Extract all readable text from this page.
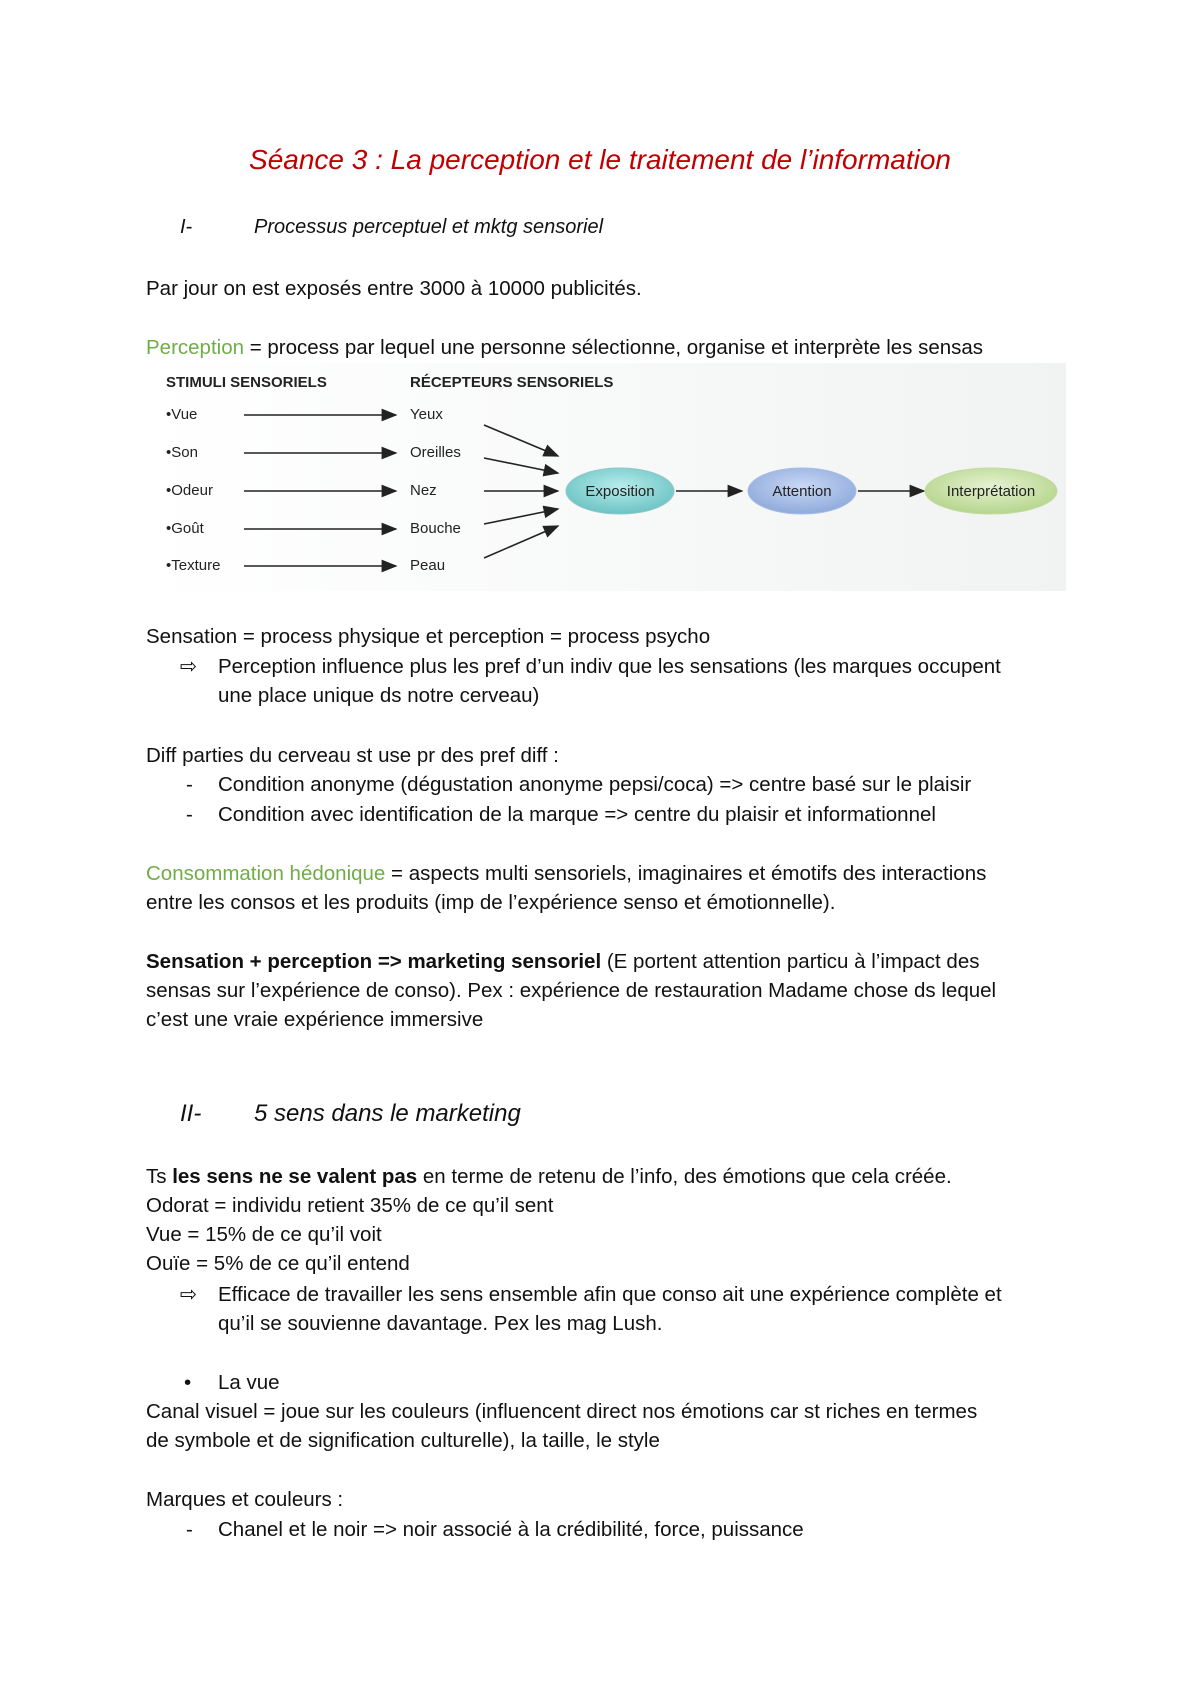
Séance 3 : La perception et le traitement de l’information
I-	Processus perceptuel et mktg sensoriel
Par jour on est exposés entre 3000 à 10000 publicités.
Perception = process par lequel une personne sélectionne, organise et interprète les sensas
STIMULI SENSORIELS	RÉCEPTEURS SENSORIELS
•Vue
•Son
•Odeur
•Goût
•Texture
Yeux
Oreilles
Nez
Bouche
Peau
Exposition	Attention	Interprétation
Sensation = process physique et perception = process psycho
⇨ Perception influence plus les pref d’un indiv que les sensations (les marques occupent
une place unique ds notre cerveau)
Diff parties du cerveau st use pr des pref diff :
- Condition anonyme (dégustation anonyme pepsi/coca) => centre basé sur le plaisir
- Condition avec identification de la marque => centre du plaisir et informationnel
Consommation hédonique = aspects multi sensoriels, imaginaires et émotifs des interactions
entre les consos et les produits (imp de l’expérience senso et émotionnelle).
Sensation + perception => marketing sensoriel (E portent attention particu à l’impact des
sensas sur l’expérience de conso). Pex : expérience de restauration Madame chose ds lequel
c’est une vraie expérience immersive
II- 5 sens dans le marketing
Ts les sens ne se valent pas en terme de retenu de l’info, des émotions que cela créée.
Odorat = individu retient 35% de ce qu’il sent
Vue = 15% de ce qu’il voit
Ouïe = 5% de ce qu’il entend
⇨ Efficace de travailler les sens ensemble afin que conso ait une expérience complète et
qu’il se souvienne davantage. Pex les mag Lush.
• La vue
Canal visuel = joue sur les couleurs (influencent direct nos émotions car st riches en termes
de symbole et de signification culturelle), la taille, le style
Marques et couleurs :
- Chanel et le noir => noir associé à la crédibilité, force, puissance
